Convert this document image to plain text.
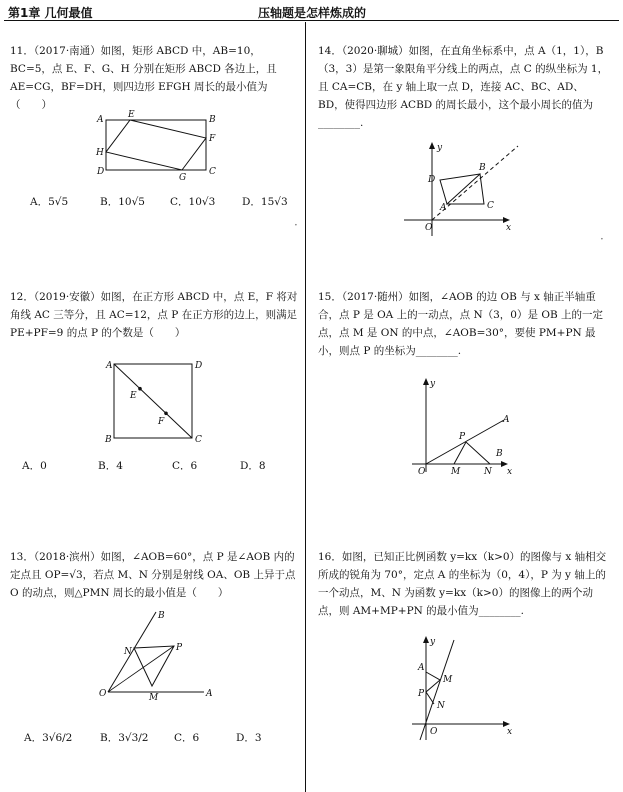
第1章 几何最值	压轴题是怎样炼成的
11．（2017·南通）如图，矩形 ABCD 中，AB=10，BC=5，点 E、F、G、H 分别在矩形 ABCD 各边上，且 AE=CG，BF=DH，则四边形 EFGH 周长的最小值为（　　）
A	E	B
F
C
G
D
H
A．5√5	B．10√5 C．10√3	D．15√3
12．（2019·安徽）如图，在正方形 ABCD 中，点 E，F 将对角线 AC 三等分，且 AC=12，点 P 在正方形的边上，则满足 PE+PF=9 的点 P 的个数是（　　）
A	D
E
F
B	C
A．0	B．4	C．6	D．8
13．（2018·滨州）如图，∠AOB=60°，点 P 是∠AOB 内的定点且 OP=√3，若点 M、N 分别是射线 OA、OB 上异于点 O 的动点，则△PMN 周长的最小值是（　　）
B
N	P
O	M	A
A．3√6/2	B．3√3/2 C．6	D．3
14．（2020·聊城）如图，在直角坐标系中，点 A（1，1），B（3，3）是第一象限角平分线上的两点，点 C 的纵坐标为 1，且 CA=CB，在 y 轴上取一点 D，连接 AC、BC、AD、BD，使得四边形 ACBD 的周长最小，这个最小周长的值为________.
y
B
D
A	C
O	x
15．（2017·随州）如图，∠AOB 的边 OB 与 x 轴正半轴重合，点 P 是 OA 上的一动点，点 N（3，0）是 OB 上的一定点，点 M 是 ON 的中点，∠AOB=30°，要使 PM+PN 最小，则点 P 的坐标为________.
y
A
P
O	M	N
B
x
16．如图，已知正比例函数 y=kx（k>0）的图像与 x 轴相交所成的锐角为 70°，定点 A 的坐标为（0，4），P 为 y 轴上的一个动点，M、N 为函数 y=kx（k>0）的图像上的两个动点，则 AM+MP+PN 的最小值为________.
y
A
M
P
N
O	x
·
·
